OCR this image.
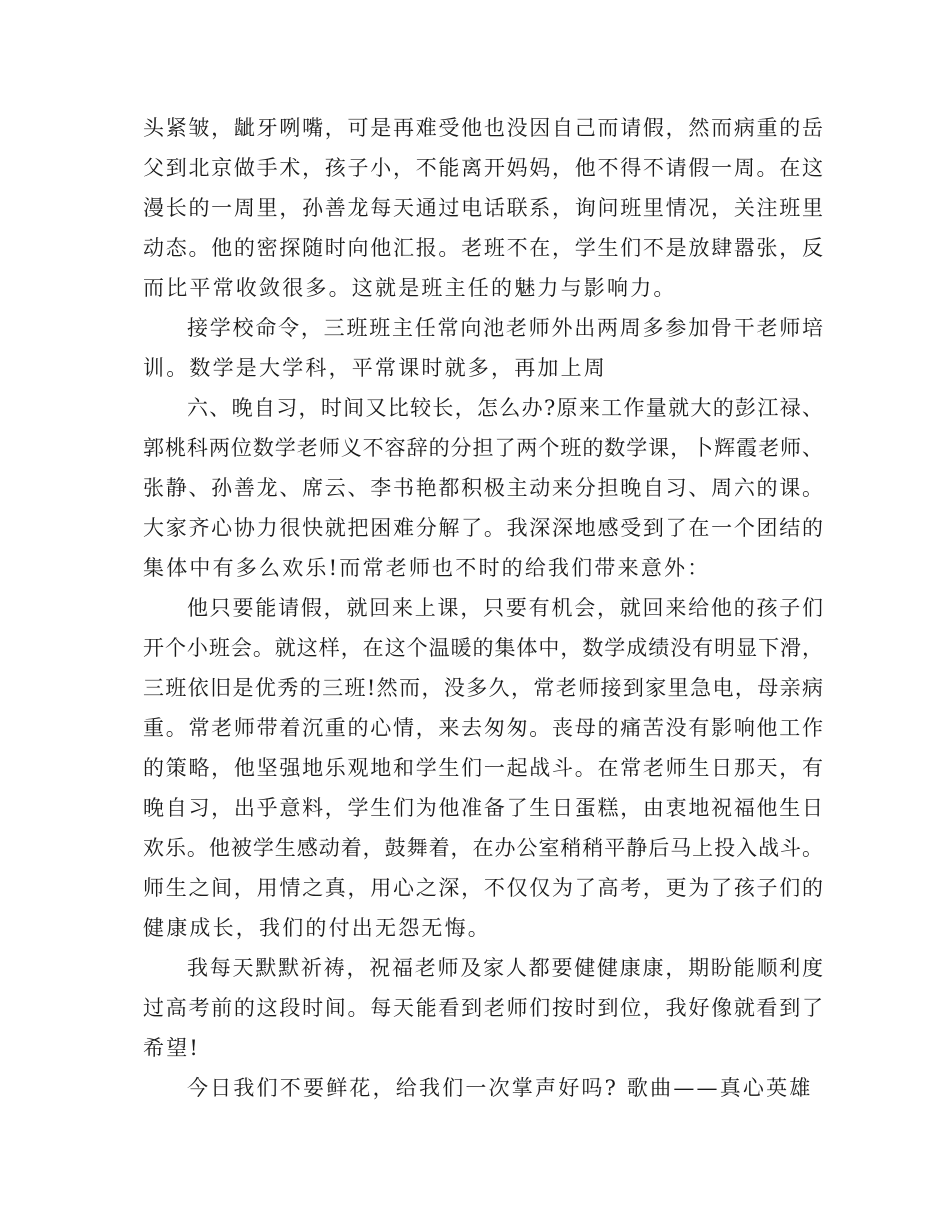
头紧皱，龇牙咧嘴，可是再难受他也没因自己而请假，然而病重的岳
父到北京做手术，孩子小，不能离开妈妈，他不得不请假一周。在这
漫长的一周里，孙善龙每天通过电话联系，询问班里情况，关注班里
动态。他的密探随时向他汇报。老班不在，学生们不是放肆嚣张，反
而比平常收敛很多。这就是班主任的魅力与影响力。
接学校命令，三班班主任常向池老师外出两周多参加骨干老师培
训。数学是大学科，平常课时就多，再加上周
六、晚自习，时间又比较长，怎么办?原来工作量就大的彭江禄、
郭桃科两位数学老师义不容辞的分担了两个班的数学课，卜辉霞老师、
张静、孙善龙、席云、李书艳都积极主动来分担晚自习、周六的课。
大家齐心协力很快就把困难分解了。我深深地感受到了在一个团结的
集体中有多么欢乐!而常老师也不时的给我们带来意外：
他只要能请假，就回来上课，只要有机会，就回来给他的孩子们
开个小班会。就这样，在这个温暖的集体中，数学成绩没有明显下滑，
三班依旧是优秀的三班!然而，没多久，常老师接到家里急电，母亲病
重。常老师带着沉重的心情，来去匆匆。丧母的痛苦没有影响他工作
的策略，他坚强地乐观地和学生们一起战斗。在常老师生日那天，有
晚自习，出乎意料，学生们为他准备了生日蛋糕，由衷地祝福他生日
欢乐。他被学生感动着，鼓舞着，在办公室稍稍平静后马上投入战斗。
师生之间，用情之真，用心之深，不仅仅为了高考，更为了孩子们的
健康成长，我们的付出无怨无悔。
我每天默默祈祷，祝福老师及家人都要健健康康，期盼能顺利度
过高考前的这段时间。每天能看到老师们按时到位，我好像就看到了
希望!
今日我们不要鲜花，给我们一次掌声好吗? 歌曲——真心英雄
